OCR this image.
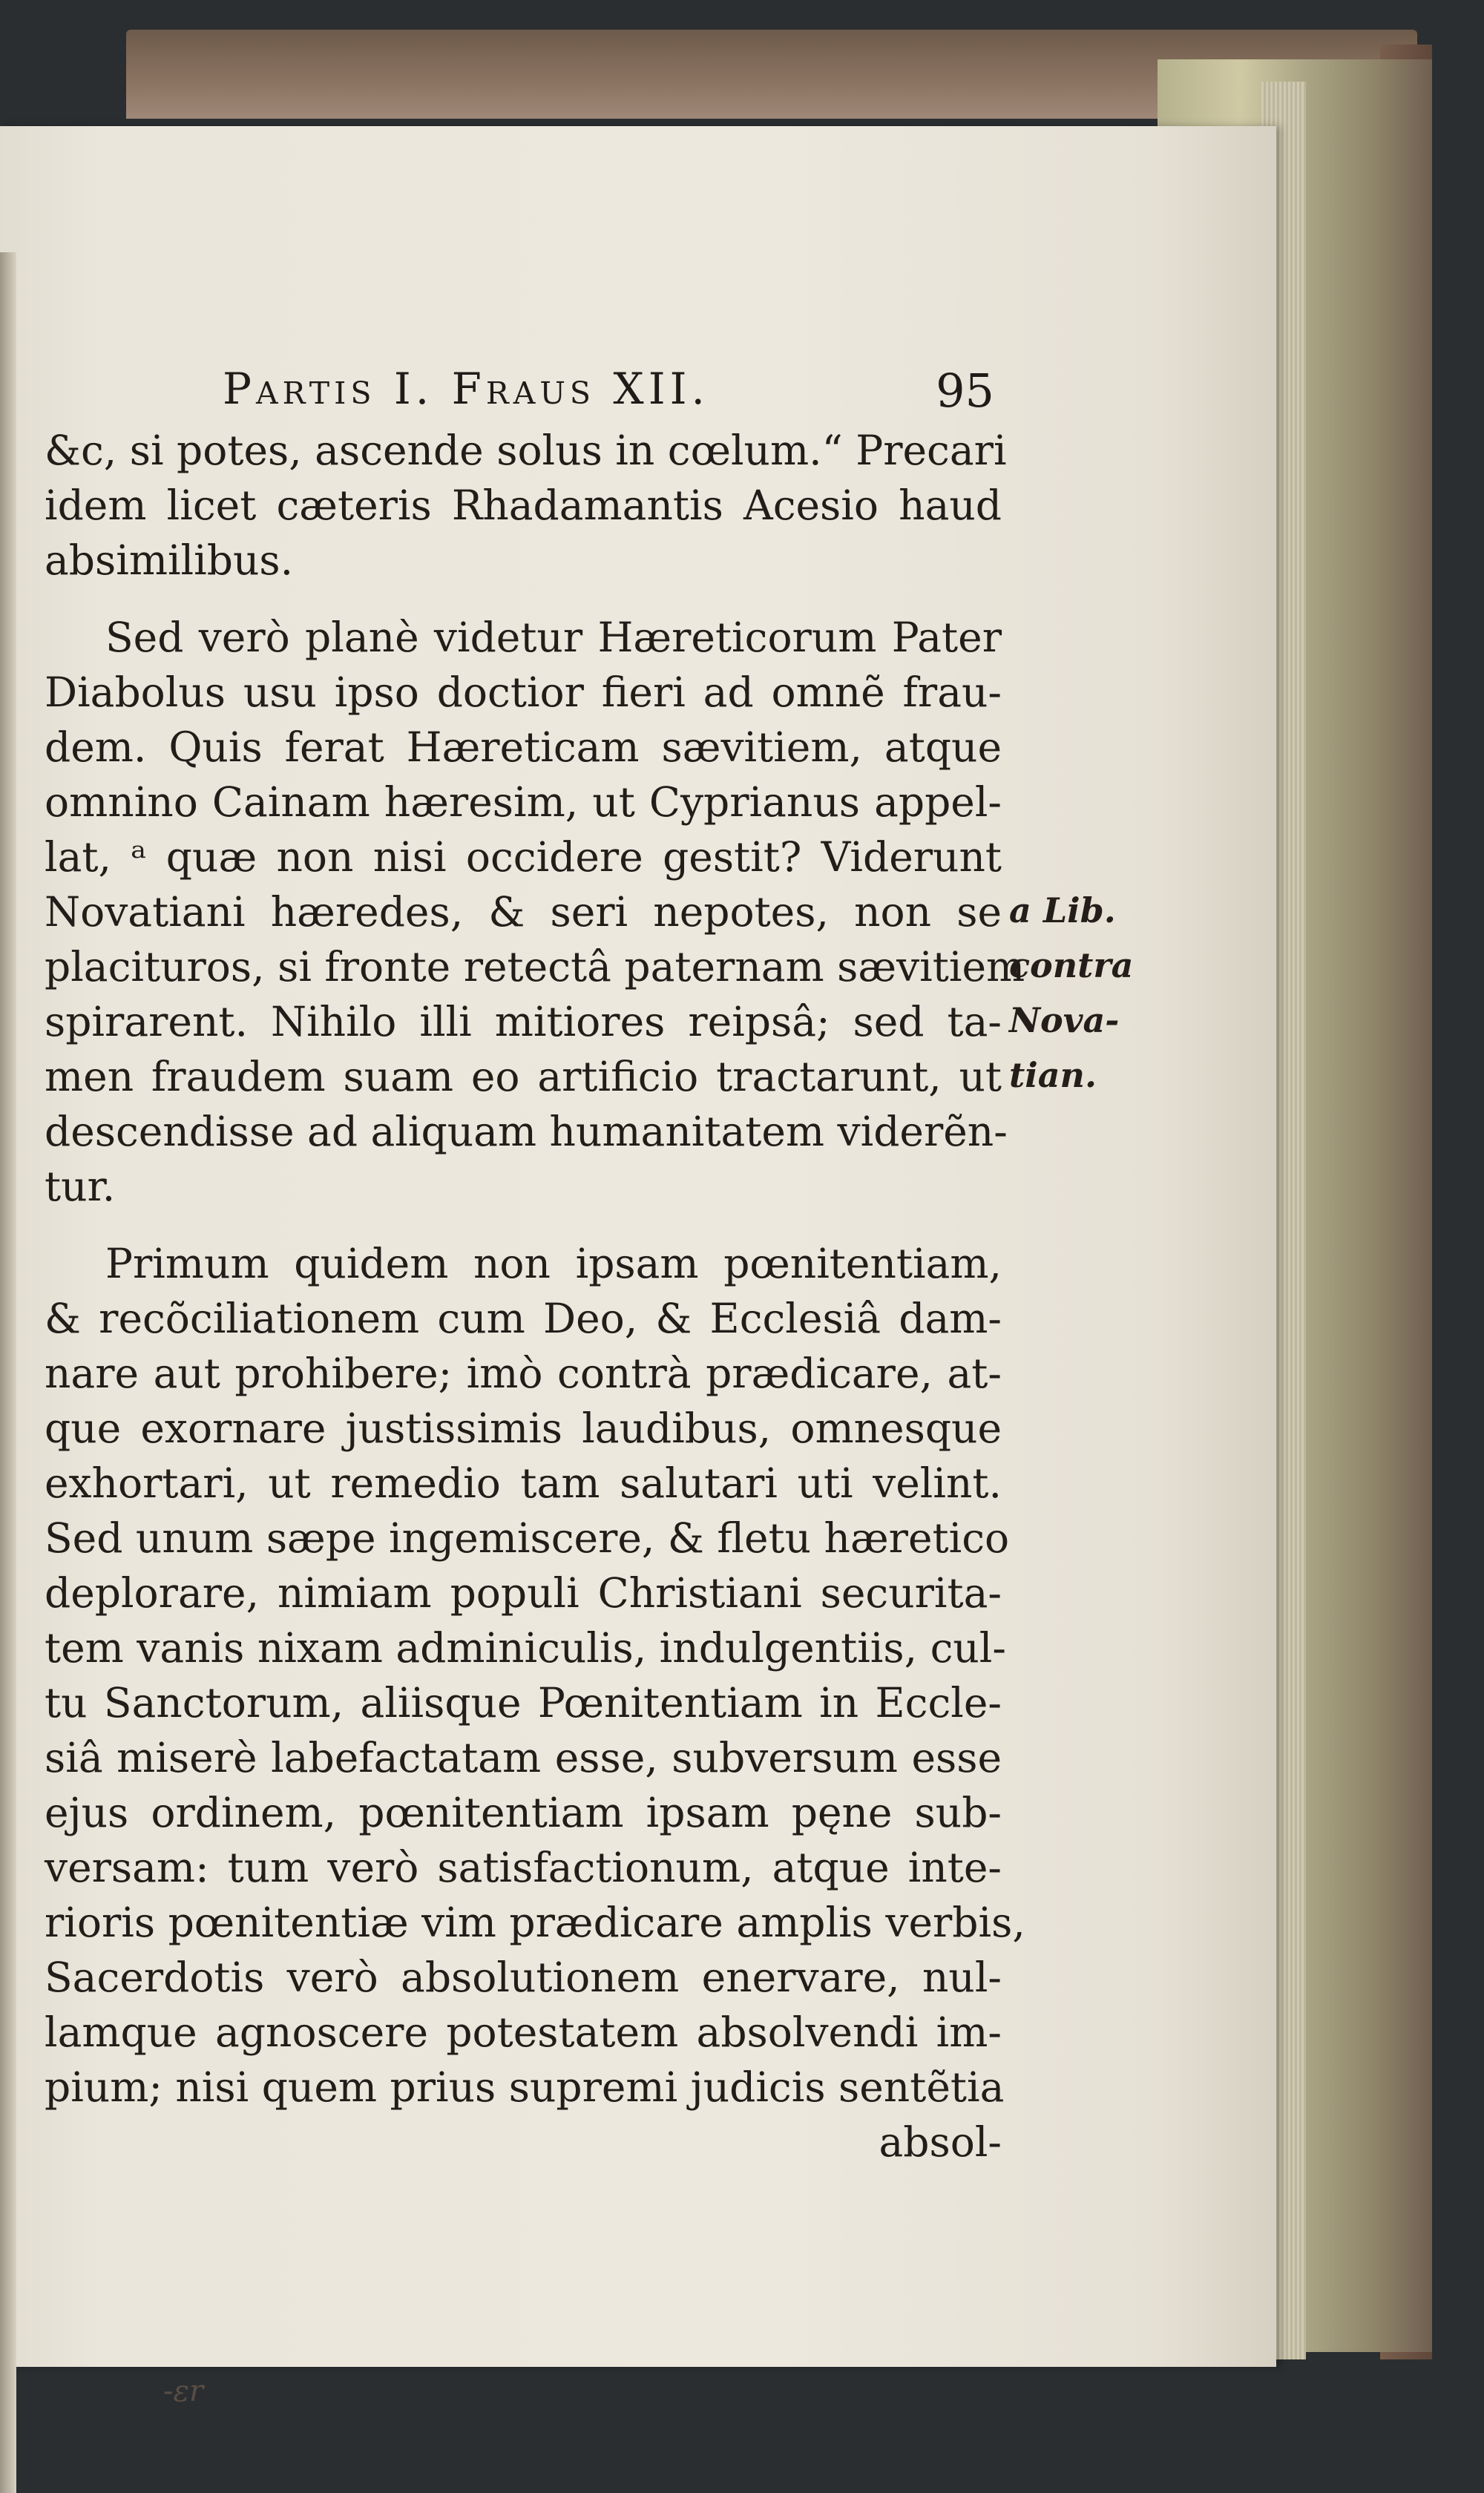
Partis I. Fraus XII.	95
&c, si potes, ascende solus in cœlum.“ Precari
idem licet cæteris Rhadamantis Acesio haud
absimilibus.
Sed verò planè videtur Hæreticorum Pater
Diabolus usu ipso doctior fieri ad omnẽ frau-
dem. Quis ferat Hæreticam sævitiem, atque
omnino Cainam hæresim, ut Cyprianus appel-
lat, ᵃ quæ non nisi occidere gestit? Viderunt
Novatiani hæredes, & seri nepotes, non se
placituros, si fronte retectâ paternam sævitiem
spirarent. Nihilo illi mitiores reipsâ; sed ta-
men fraudem suam eo artificio tractarunt, ut
descendisse ad aliquam humanitatem viderẽn-
tur.
Primum quidem non ipsam pœnitentiam,
& recõciliationem cum Deo, & Ecclesiâ dam-
nare aut prohibere; imò contrà prædicare, at-
que exornare justissimis laudibus, omnesque
exhortari, ut remedio tam salutari uti velint.
Sed unum sæpe ingemiscere, & fletu hæretico
deplorare, nimiam populi Christiani securita-
tem vanis nixam adminiculis, indulgentiis, cul-
tu Sanctorum, aliisque Pœnitentiam in Eccle-
siâ miserè labefactatam esse, subversum esse
ejus ordinem, pœnitentiam ipsam pęne sub-
versam: tum verò satisfactionum, atque inte-
rioris pœnitentiæ vim prædicare amplis verbis,
Sacerdotis verò absolutionem enervare, nul-
lamque agnoscere potestatem absolvendi im-
pium; nisi quem prius supremi judicis sentẽtia
absol-
a Lib.
contra
Nova-
tian.
-ɛr
